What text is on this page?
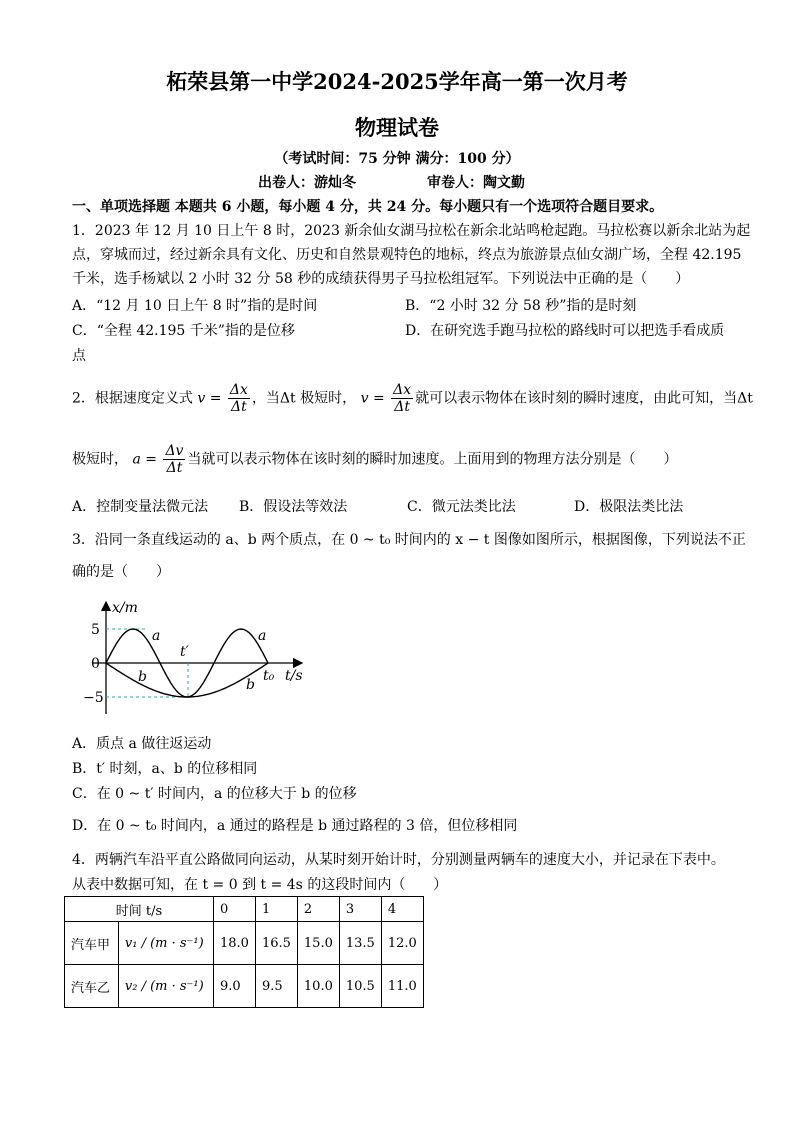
柘荣县第一中学2024-2025学年高一第一次月考
物理试卷
（考试时间：75 分钟 满分：100 分）
出卷人：游灿冬	审卷人：陶文勤
一、单项选择题 本题共 6 小题，每小题 4 分，共 24 分。每小题只有一个选项符合题目要求。
1．2023 年 12 月 10 日上午 8 时，2023 新余仙女湖马拉松在新余北站鸣枪起跑。马拉松赛以新余北站为起
点，穿城而过，经过新余具有文化、历史和自然景观特色的地标，终点为旅游景点仙女湖广场，全程 42.195
千米，选手杨斌以 2 小时 32 分 58 秒的成绩获得男子马拉松组冠军。下列说法中正确的是（　　）
A．“12 月 10 日上午 8 时”指的是时间	B．“2 小时 32 分 58 秒”指的是时刻
C．“全程 42.195 千米”指的是位移	D．在研究选手跑马拉松的路线时可以把选手看成质
点
2．根据速度定义式 $v = \frac{\Delta x}{\Delta t}$ ，当Δt 极短时， $v = \frac{\Delta x}{\Delta t}$ 就可以表示物体在该时刻的瞬时速度，由此可知，当Δt
极短时， $a = \frac{\Delta v}{\Delta t}$ 当就可以表示物体在该时刻的瞬时加速度。上面用到的物理方法分别是（　　）
A．控制变量法微元法 B．假设法等效法	C．微元法类比法	D．极限法类比法
3．沿同一条直线运动的 a、b 两个质点，在 0 ~ t₀ 时间内的 x − t 图像如图所示，根据图像，下列说法不正
确的是（　　）
x/m
5
0
−5
a	a
b	b
t′
t₀ t/s
A．质点 a 做往返运动
B．t′ 时刻，a、b 的位移相同
C．在 0 ~ t′ 时间内，a 的位移大于 b 的位移
D．在 0 ~ t₀ 时间内，a 通过的路程是 b 通过路程的 3 倍，但位移相同
4．两辆汽车沿平直公路做同向运动，从某时刻开始计时，分别测量两辆车的速度大小，并记录在下表中。
从表中数据可知，在 t = 0 到 t = 4s 的这段时间内（　　）
时间 t/s		0	1	2	3	4
汽车甲	v₁ / (m · s⁻¹)	18.0	16.5	15.0	13.5	12.0
汽车乙	v₂ / (m · s⁻¹)	9.0	9.5	10.0	10.5	11.0
